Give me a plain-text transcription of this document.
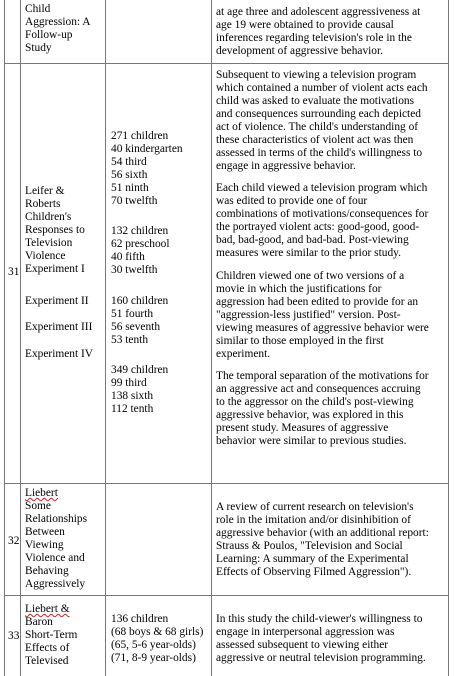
Child
Aggression: A
Follow-up
Study
at age three and adolescent aggressiveness at
age 19 were obtained to provide causal
inferences regarding television's role in the
development of aggressive behavior.
31
Leifer &
Roberts
Children's
Responses to
Television
Violence
Experiment I
Experiment II
Experiment III
Experiment IV
271 children
40 kindergarten
54 third
56 sixth
51 ninth
70 twelfth
132 children
62 preschool
40 fifth
30 twelfth
160 children
51 fourth
56 seventh
53 tenth
349 children
99 third
138 sixth
112 tenth
Subsequent to viewing a television program
which contained a number of violent acts each
child was asked to evaluate the motivations
and consequences surrounding each depicted
act of violence. The child's understanding of
these characteristics of violent act was then
assessed in terms of the child's willingness to
engage in aggressive behavior.
Each child viewed a television program which
was edited to provide one of four
combinations of motivations/consequences for
the portrayed violent acts: good-good, good-
bad, bad-good, and bad-bad. Post-viewing
measures were similar to the prior study.
Children viewed one of two versions of a
movie in which the justifications for
aggression had been edited to provide for an
"aggression-less justified" version. Post-
viewing measures of aggressive behavior were
similar to those employed in the first
experiment.
The temporal separation of the motivations for
an aggressive act and consequences accruing
to the aggressor on the child's post-viewing
aggressive behavior, was explored in this
present study. Measures of aggressive
behavior were similar to previous studies.
32
Liebert
Some
Relationships
Between
Viewing
Violence and
Behaving
Aggressively
A review of current research on television's
role in the imitation and/or disinhibition of
aggressive behavior (with an additional report:
Strauss & Poulos, "Television and Social
Learning: A summary of the Experimental
Effects of Observing Filmed Aggression").
33
Liebert &
Baron
Short-Term
Effects of
Televised
136 children
(68 boys & 68 girls)
(65, 5-6 year-olds)
(71, 8-9 year-olds)
In this study the child-viewer's willingness to
engage in interpersonal aggression was
assessed subsequent to viewing either
aggressive or neutral television programming.
